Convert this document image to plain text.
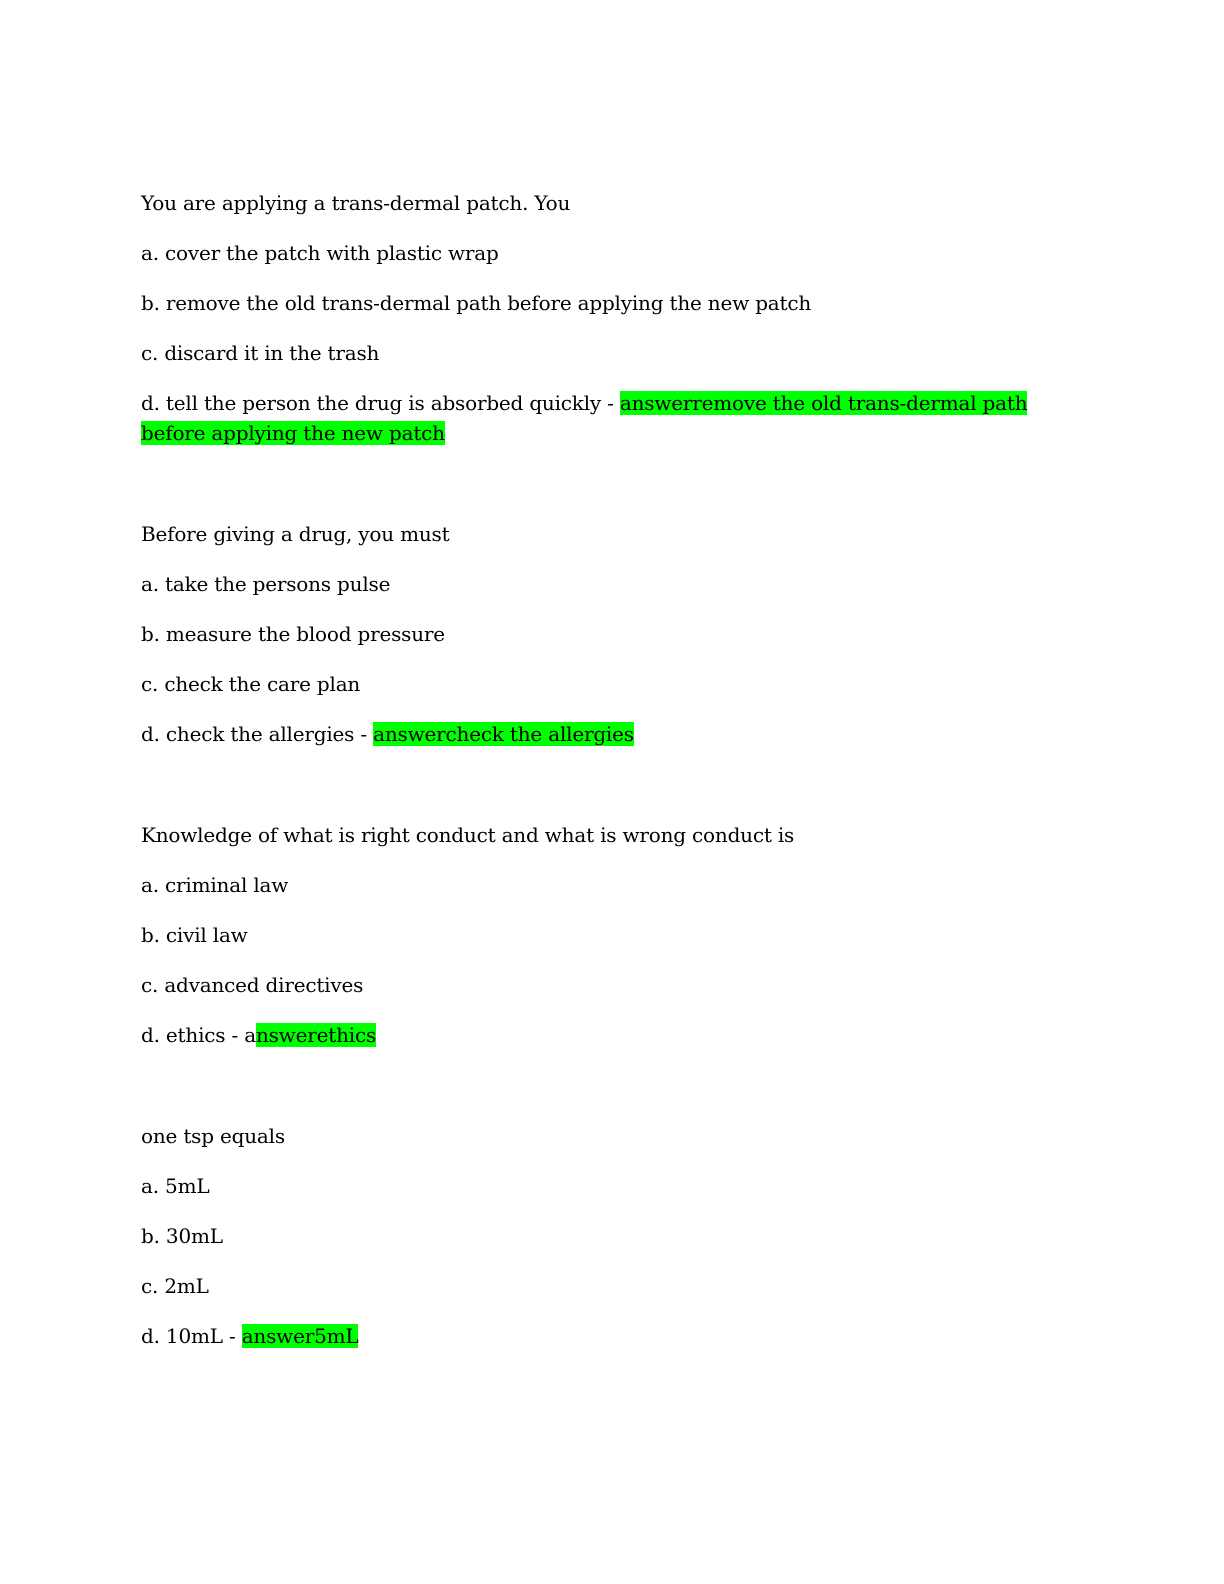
You are applying a trans-dermal patch. You

a. cover the patch with plastic wrap

b. remove the old trans-dermal path before applying the new patch

c. discard it in the trash

d. tell the person the drug is absorbed quickly - answerremove the old trans-dermal path before applying the new patch

Before giving a drug, you must

a. take the persons pulse

b. measure the blood pressure

c. check the care plan

d. check the allergies - answercheck the allergies

Knowledge of what is right conduct and what is wrong conduct is

a. criminal law

b. civil law

c. advanced directives

d. ethics - answerethics

one tsp equals

a. 5mL

b. 30mL

c. 2mL

d. 10mL - answer5mL
